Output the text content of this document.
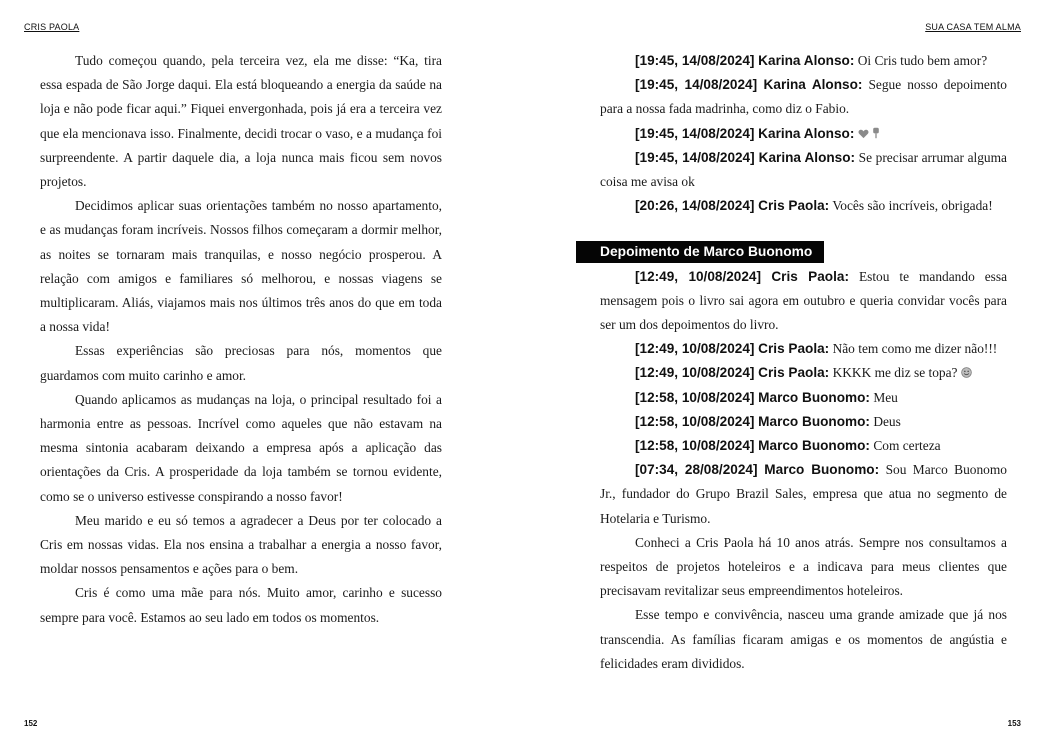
CRIS PAOLA

Tudo começou quando, pela terceira vez, ela me disse: “Ka, tira essa espada de São Jorge daqui. Ela está bloqueando a energia da saúde na loja e não pode ficar aqui.” Fiquei envergonhada, pois já era a terceira vez que ela mencionava isso. Finalmente, decidi trocar o vaso, e a mudança foi surpreendente. A partir daquele dia, a loja nunca mais ficou sem novos projetos.

Decidimos aplicar suas orientações também no nosso apartamento, e as mudanças foram incríveis. Nossos filhos começaram a dormir melhor, as noites se tornaram mais tranquilas, e nosso negócio prosperou. A relação com amigos e familiares só melhorou, e nossas viagens se multiplicaram. Aliás, viajamos mais nos últimos três anos do que em toda a nossa vida!

Essas experiências são preciosas para nós, momentos que guardamos com muito carinho e amor.

Quando aplicamos as mudanças na loja, o principal resultado foi a harmonia entre as pessoas. Incrível como aqueles que não estavam na mesma sintonia acabaram deixando a empresa após a aplicação das orientações da Cris. A prosperidade da loja também se tornou evidente, como se o universo estivesse conspirando a nosso favor!

Meu marido e eu só temos a agradecer a Deus por ter colocado a Cris em nossas vidas. Ela nos ensina a trabalhar a energia a nosso favor, moldar nossos pensamentos e ações para o bem.

Cris é como uma mãe para nós. Muito amor, carinho e sucesso sempre para você. Estamos ao seu lado em todos os momentos.

152
SUA CASA TEM ALMA

[19:45, 14/08/2024] Karina Alonso: Oi Cris tudo bem amor?

[19:45, 14/08/2024] Karina Alonso: Segue nosso depoimento para a nossa fada madrinha, como diz o Fabio.

[19:45, 14/08/2024] Karina Alonso:

[19:45, 14/08/2024] Karina Alonso: Se precisar arrumar alguma coisa me avisa ok

[20:26, 14/08/2024] Cris Paola: Vocês são incríveis, obrigada!

Depoimento de Marco Buonomo

[12:49, 10/08/2024] Cris Paola: Estou te mandando essa mensagem pois o livro sai agora em outubro e queria convidar vocês para ser um dos depoimentos do livro.

[12:49, 10/08/2024] Cris Paola: Não tem como me dizer não!!!

[12:49, 10/08/2024] Cris Paola: KKKK me diz se topa?

[12:58, 10/08/2024] Marco Buonomo: Meu

[12:58, 10/08/2024] Marco Buonomo: Deus

[12:58, 10/08/2024] Marco Buonomo: Com certeza

[07:34, 28/08/2024] Marco Buonomo: Sou Marco Buonomo Jr., fundador do Grupo Brazil Sales, empresa que atua no segmento de Hotelaria e Turismo.

Conheci a Cris Paola há 10 anos atrás. Sempre nos consultamos a respeitos de projetos hoteleiros e a indicava para meus clientes que precisavam revitalizar seus empreendimentos hoteleiros.

Esse tempo e convivência, nasceu uma grande amizade que já nos transcendia. As famílias ficaram amigas e os momentos de angústia e felicidades eram divididos.

153
